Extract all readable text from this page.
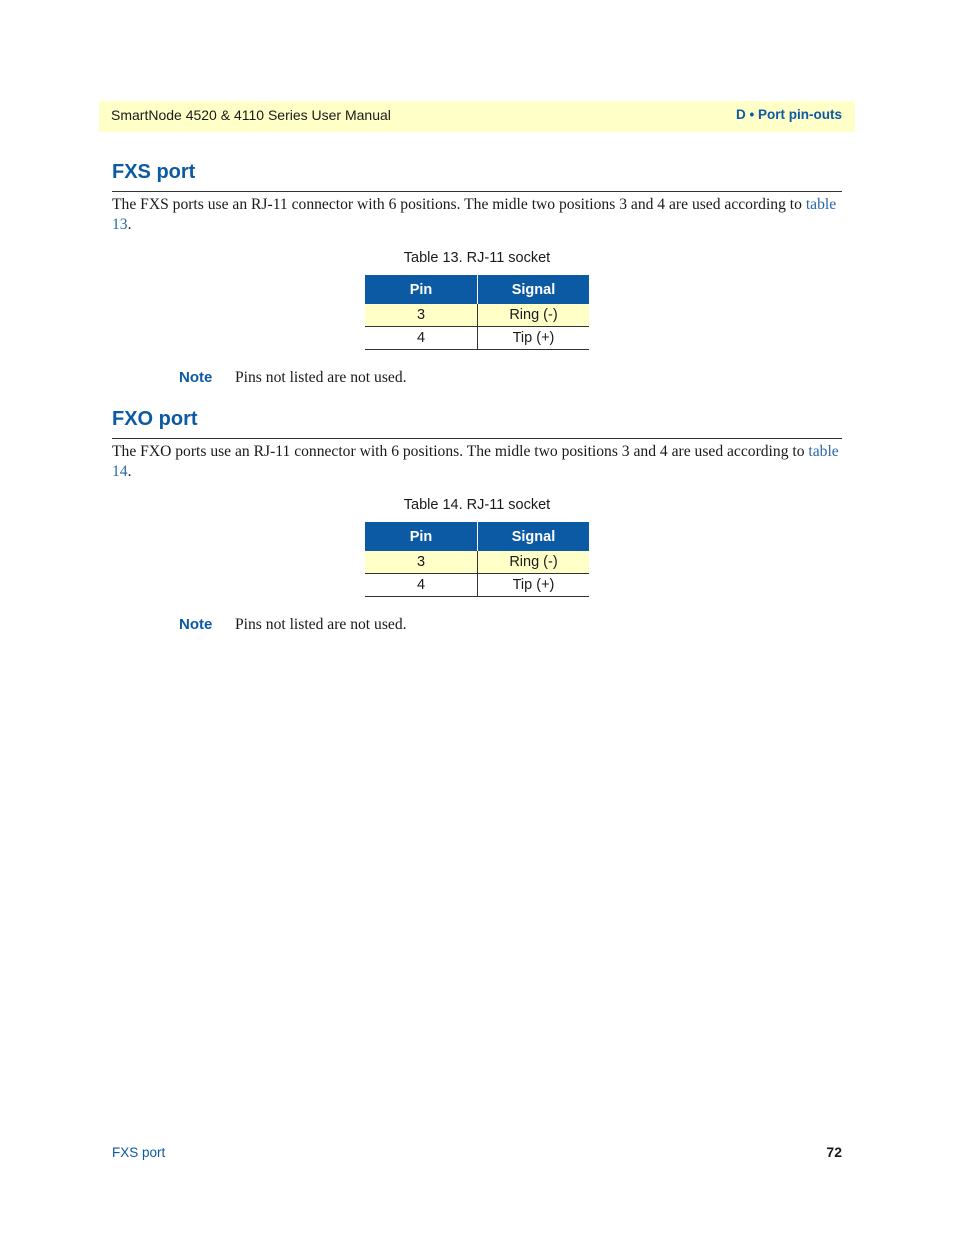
SmartNode 4520 & 4110 Series User Manual	D • Port pin-outs
FXS port

The FXS ports use an RJ-11 connector with 6 positions. The midle two positions 3 and 4 are used according to table 13.

Table 13. RJ-11 socket
Pin	Signal
3	Ring (-)
4	Tip (+)
Note Pins not listed are not used.
FXO port

The FXO ports use an RJ-11 connector with 6 positions. The midle two positions 3 and 4 are used according to table 14.

Table 14. RJ-11 socket
Pin	Signal
3	Ring (-)
4	Tip (+)
Note Pins not listed are not used.
FXS port	72
